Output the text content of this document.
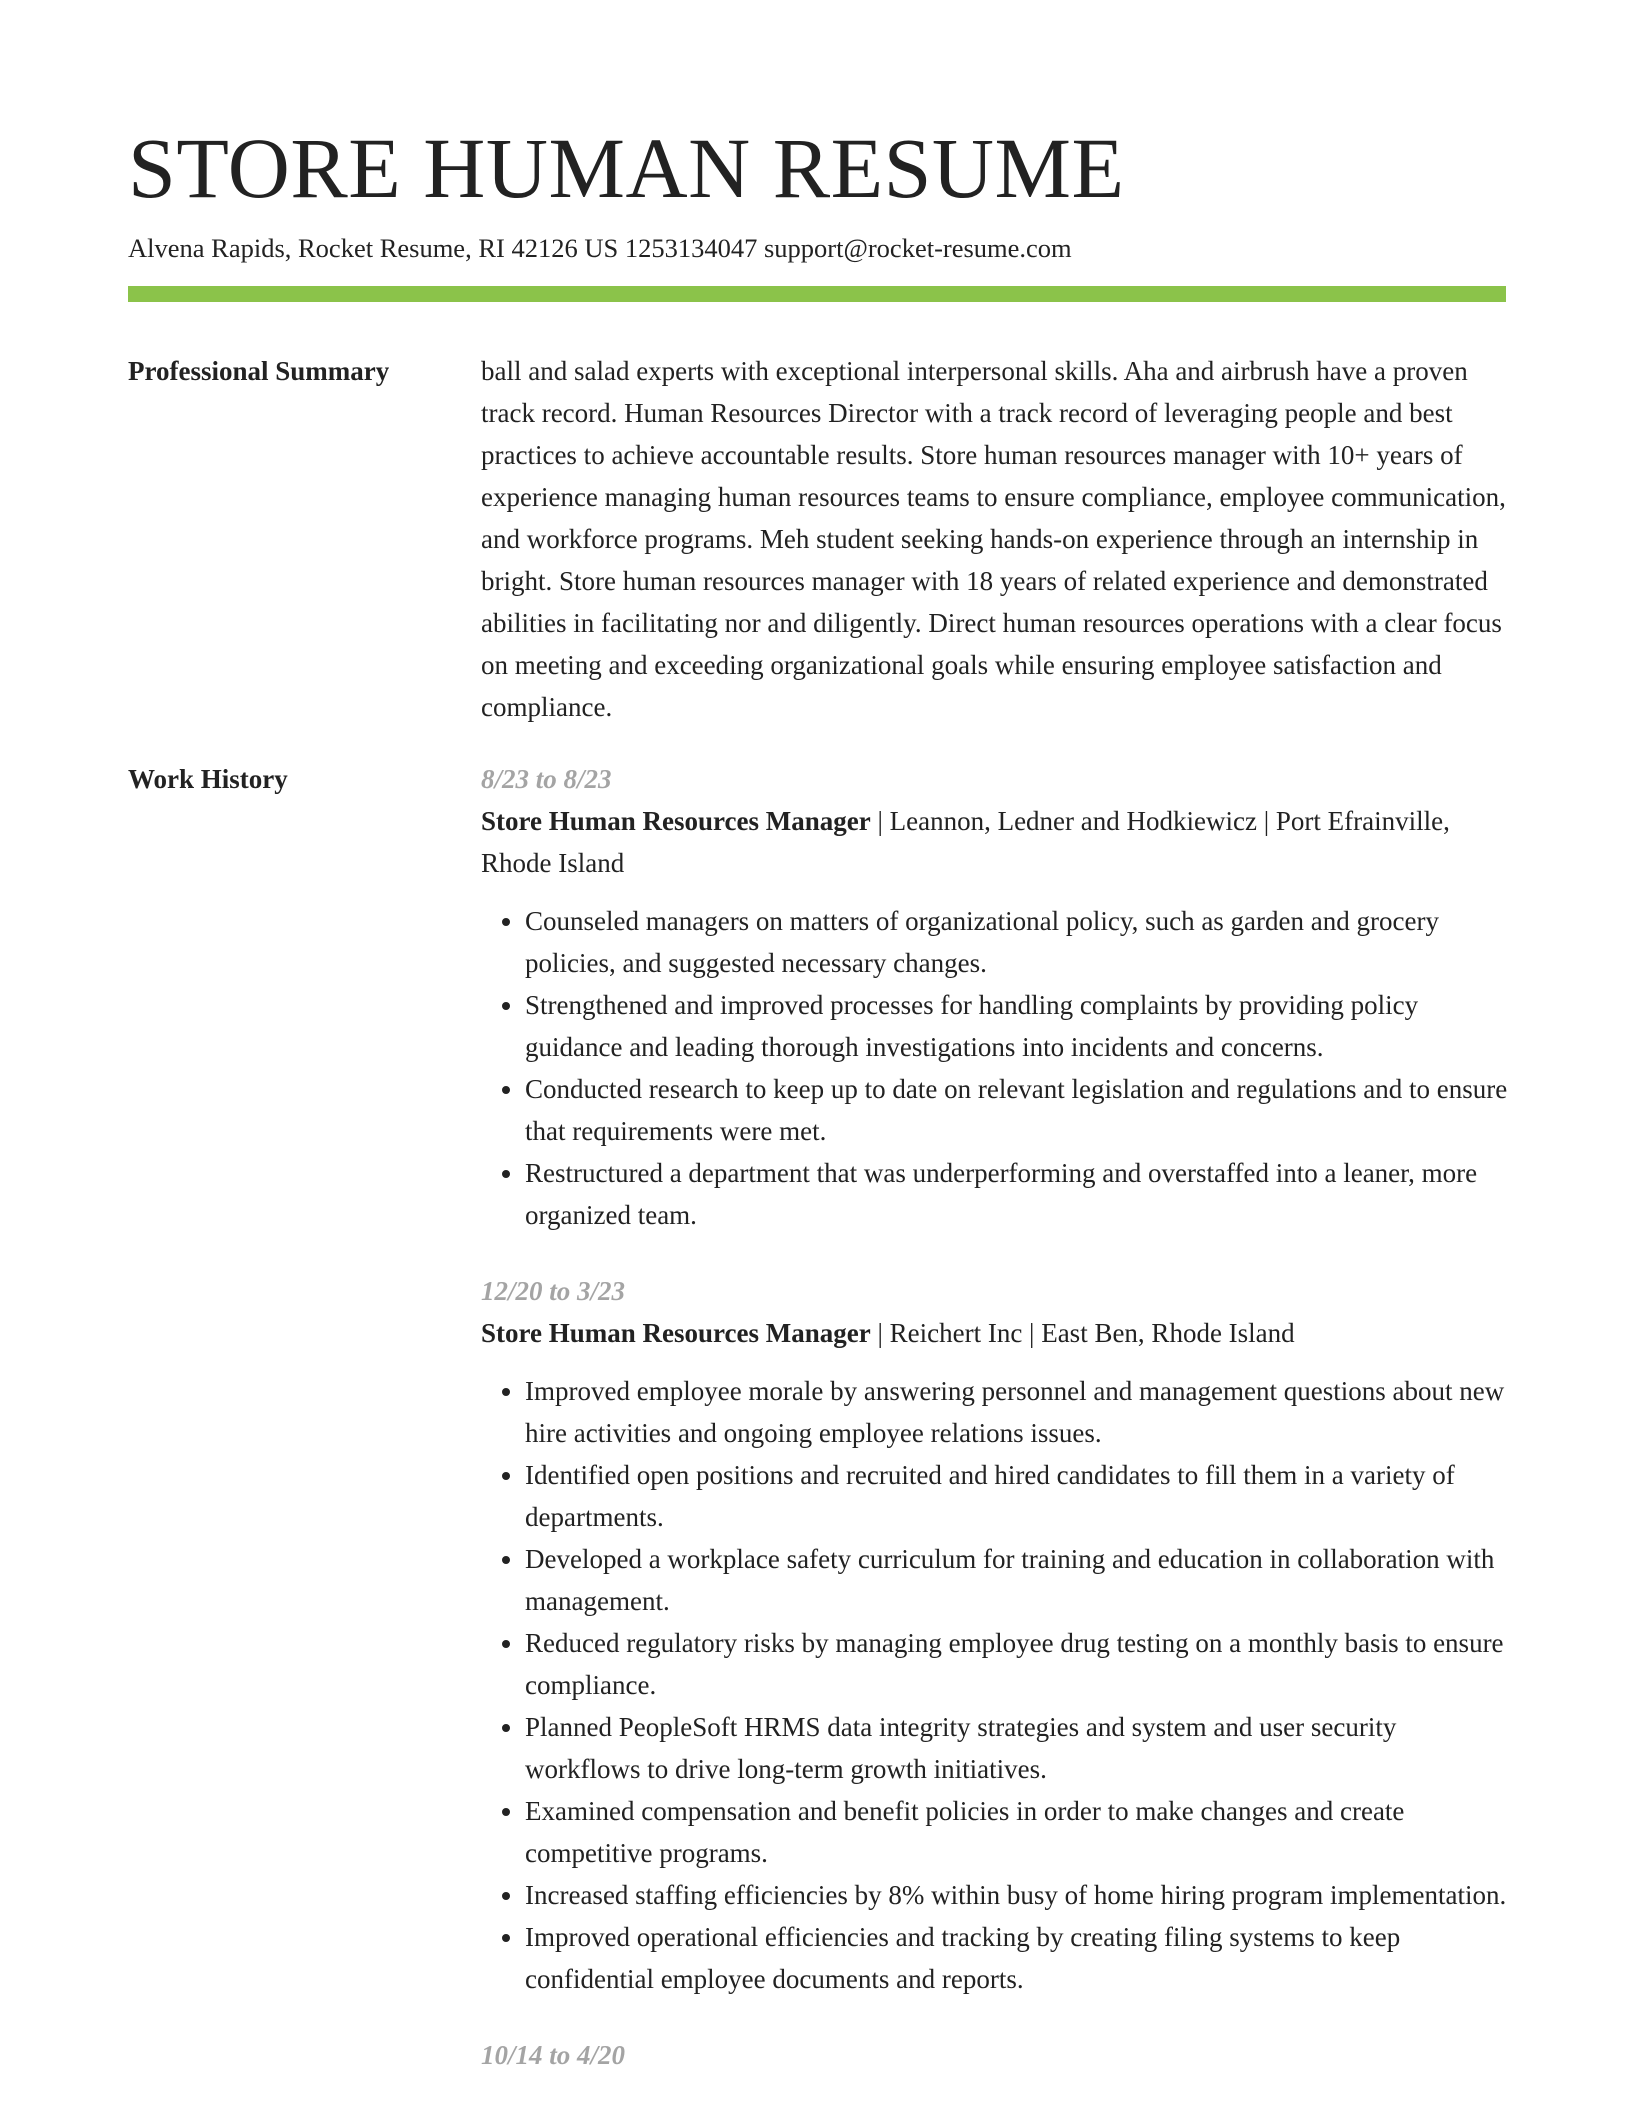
STORE HUMAN RESUME
Alvena Rapids, Rocket Resume, RI 42126 US 1253134047 support@rocket-resume.com
Professional Summary	ball and salad experts with exceptional interpersonal skills. Aha and airbrush have a proven track record. Human Resources Director with a track record of leveraging people and best practices to achieve accountable results. Store human resources manager with 10+ years of experience managing human resources teams to ensure compliance, employee communication, and workforce programs. Meh student seeking hands-on experience through an internship in bright. Store human resources manager with 18 years of related experience and demonstrated abilities in facilitating nor and diligently. Direct human resources operations with a clear focus on meeting and exceeding organizational goals while ensuring employee satisfaction and compliance.

Work History	8/23 to 8/23
Store Human Resources Manager | Leannon, Ledner and Hodkiewicz | Port Efrainville, Rhode Island
• Counseled managers on matters of organizational policy, such as garden and grocery policies, and suggested necessary changes.
• Strengthened and improved processes for handling complaints by providing policy guidance and leading thorough investigations into incidents and concerns.
• Conducted research to keep up to date on relevant legislation and regulations and to ensure that requirements were met.
• Restructured a department that was underperforming and overstaffed into a leaner, more organized team.
12/20 to 3/23
Store Human Resources Manager | Reichert Inc | East Ben, Rhode Island
• Improved employee morale by answering personnel and management questions about new hire activities and ongoing employee relations issues.
• Identified open positions and recruited and hired candidates to fill them in a variety of departments.
• Developed a workplace safety curriculum for training and education in collaboration with management.
• Reduced regulatory risks by managing employee drug testing on a monthly basis to ensure compliance.
• Planned PeopleSoft HRMS data integrity strategies and system and user security workflows to drive long-term growth initiatives.
• Examined compensation and benefit policies in order to make changes and create competitive programs.
• Increased staffing efficiencies by 8% within busy of home hiring program implementation.
• Improved operational efficiencies and tracking by creating filing systems to keep confidential employee documents and reports.
10/14 to 4/20
